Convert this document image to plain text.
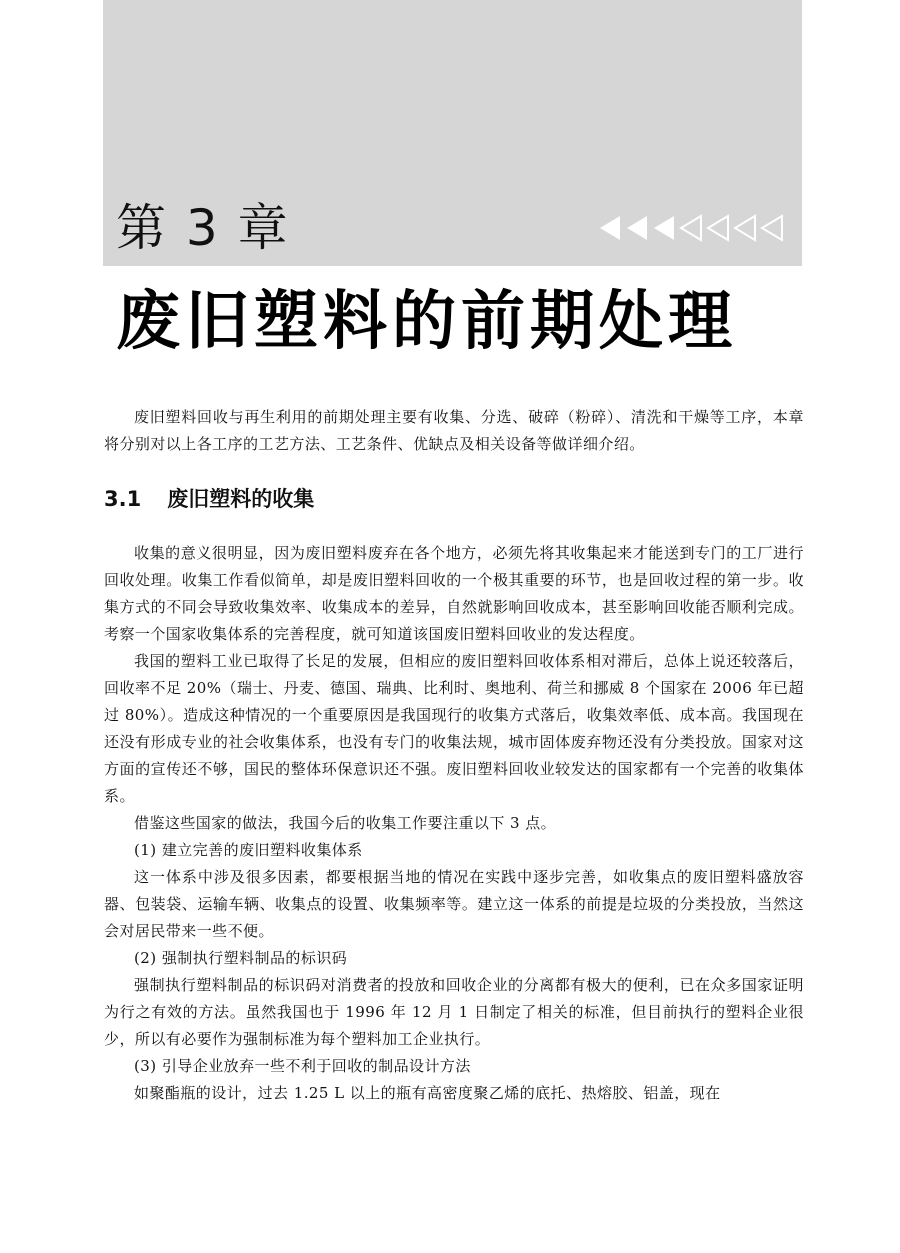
第 3 章
废旧塑料的前期处理

废旧塑料回收与再生利用的前期处理主要有收集、分选、破碎（粉碎）、清洗和干燥等工序，本章将分别对以上各工序的工艺方法、工艺条件、优缺点及相关设备等做详细介绍。

3.1 废旧塑料的收集

收集的意义很明显，因为废旧塑料废弃在各个地方，必须先将其收集起来才能送到专门的工厂进行回收处理。收集工作看似简单，却是废旧塑料回收的一个极其重要的环节，也是回收过程的第一步。收集方式的不同会导致收集效率、收集成本的差异，自然就影响回收成本，甚至影响回收能否顺利完成。考察一个国家收集体系的完善程度，就可知道该国废旧塑料回收业的发达程度。

我国的塑料工业已取得了长足的发展，但相应的废旧塑料回收体系相对滞后，总体上说还较落后，回收率不足 20%（瑞士、丹麦、德国、瑞典、比利时、奥地利、荷兰和挪威 8 个国家在 2006 年已超过 80%）。造成这种情况的一个重要原因是我国现行的收集方式落后，收集效率低、成本高。我国现在还没有形成专业的社会收集体系，也没有专门的收集法规，城市固体废弃物还没有分类投放。国家对这方面的宣传还不够，国民的整体环保意识还不强。废旧塑料回收业较发达的国家都有一个完善的收集体系。

借鉴这些国家的做法，我国今后的收集工作要注重以下 3 点。

(1) 建立完善的废旧塑料收集体系

这一体系中涉及很多因素，都要根据当地的情况在实践中逐步完善，如收集点的废旧塑料盛放容器、包装袋、运输车辆、收集点的设置、收集频率等。建立这一体系的前提是垃圾的分类投放，当然这会对居民带来一些不便。

(2) 强制执行塑料制品的标识码

强制执行塑料制品的标识码对消费者的投放和回收企业的分离都有极大的便利，已在众多国家证明为行之有效的方法。虽然我国也于 1996 年 12 月 1 日制定了相关的标准，但目前执行的塑料企业很少，所以有必要作为强制标准为每个塑料加工企业执行。

(3) 引导企业放弃一些不利于回收的制品设计方法

如聚酯瓶的设计，过去 1.25 L 以上的瓶有高密度聚乙烯的底托、热熔胶、铝盖，现在
